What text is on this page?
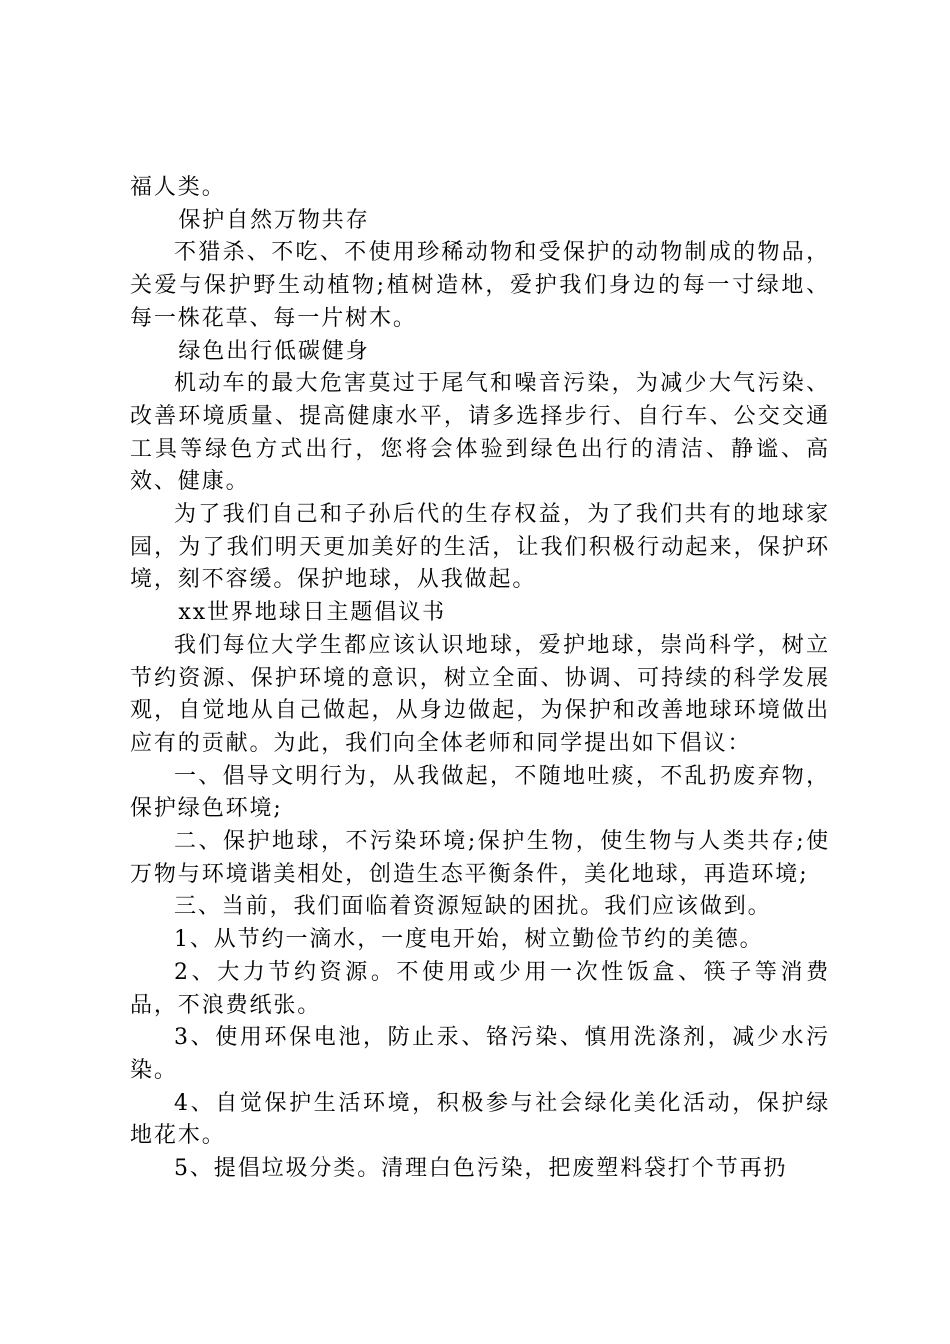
福人类。

保护自然万物共存

不猎杀、不吃、不使用珍稀动物和受保护的动物制成的物品，关爱与保护野生动植物;植树造林，爱护我们身边的每一寸绿地、每一株花草、每一片树木。

绿色出行低碳健身

机动车的最大危害莫过于尾气和噪音污染，为减少大气污染、改善环境质量、提高健康水平，请多选择步行、自行车、公交交通工具等绿色方式出行，您将会体验到绿色出行的清洁、静谧、高效、健康。

为了我们自己和子孙后代的生存权益，为了我们共有的地球家园，为了我们明天更加美好的生活，让我们积极行动起来，保护环境，刻不容缓。保护地球，从我做起。

xx世界地球日主题倡议书

我们每位大学生都应该认识地球，爱护地球，崇尚科学，树立节约资源、保护环境的意识，树立全面、协调、可持续的科学发展观，自觉地从自己做起，从身边做起，为保护和改善地球环境做出应有的贡献。为此，我们向全体老师和同学提出如下倡议：

一、倡导文明行为，从我做起，不随地吐痰，不乱扔废弃物，保护绿色环境;

二、保护地球，不污染环境;保护生物，使生物与人类共存;使万物与环境谐美相处，创造生态平衡条件，美化地球，再造环境;

三、当前，我们面临着资源短缺的困扰。我们应该做到。

1、从节约一滴水，一度电开始，树立勤俭节约的美德。

2、大力节约资源。不使用或少用一次性饭盒、筷子等消费品，不浪费纸张。

3、使用环保电池，防止汞、铬污染、慎用洗涤剂，减少水污染。

4、自觉保护生活环境，积极参与社会绿化美化活动，保护绿地花木。

5、提倡垃圾分类。清理白色污染，把废塑料袋打个节再扔
